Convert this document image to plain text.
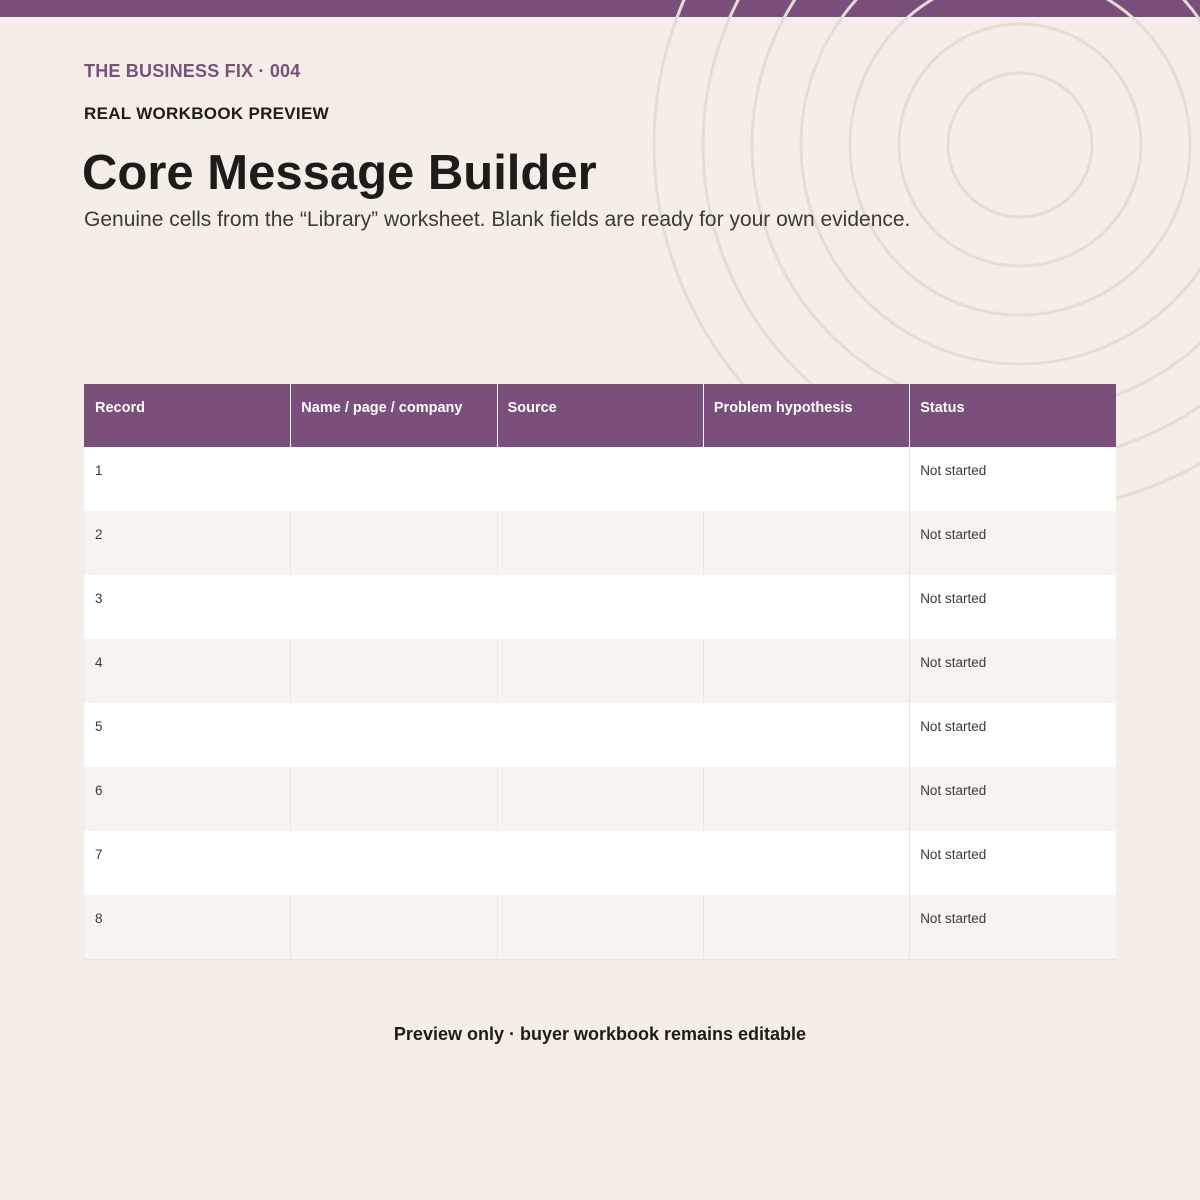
THE BUSINESS FIX · 004
REAL WORKBOOK PREVIEW
Core Message Builder
Genuine cells from the “Library” worksheet. Blank fields are ready for your own evidence.
Record	Name / page / company	Source	Problem hypothesis	Status
1				Not started
2				Not started
3				Not started
4				Not started
5				Not started
6				Not started
7				Not started
8				Not started
Preview only · buyer workbook remains editable
